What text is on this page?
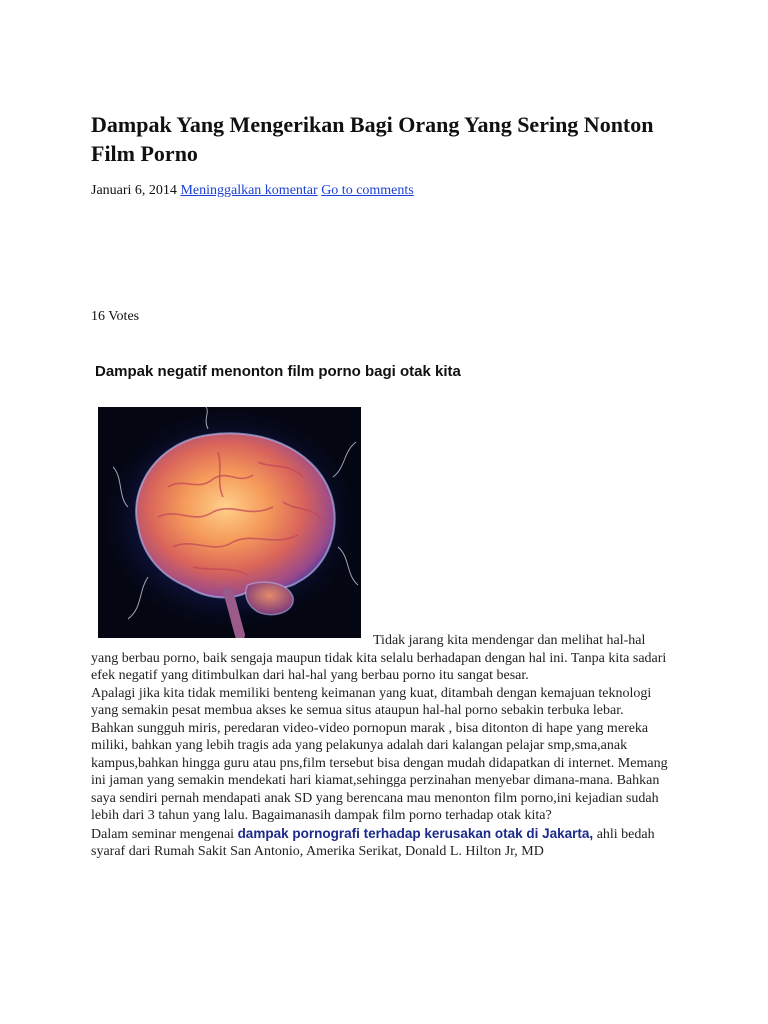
Dampak Yang Mengerikan Bagi Orang Yang Sering Nonton Film Porno
Januari 6, 2014 Meninggalkan komentar Go to comments
16 Votes
Dampak negatif menonton film porno bagi otak kita

Tidak jarang kita mendengar dan melihat hal-hal
yang berbau porno, baik sengaja maupun tidak kita selalu berhadapan dengan hal ini. Tanpa kita sadari efek negatif yang ditimbulkan dari hal-hal yang berbau porno itu sangat besar.

Apalagi jika kita tidak memiliki benteng keimanan yang kuat, ditambah dengan kemajuan teknologi yang semakin pesat membua akses ke semua situs ataupun hal-hal porno sebakin terbuka lebar.

Bahkan sungguh miris, peredaran video-video pornopun marak , bisa ditonton di hape yang mereka miliki, bahkan yang lebih tragis ada yang pelakunya adalah dari kalangan pelajar smp,sma,anak kampus,bahkan hingga guru atau pns,film tersebut bisa dengan mudah didapatkan di internet. Memang ini jaman yang semakin mendekati hari kiamat,sehingga perzinahan menyebar dimana-mana. Bahkan saya sendiri pernah mendapati anak SD yang berencana mau menonton film porno,ini kejadian sudah lebih dari 3 tahun yang lalu. Bagaimanasih dampak film porno terhadap otak kita?

Dalam seminar mengenai dampak pornografi terhadap kerusakan otak di Jakarta, ahli bedah syaraf dari Rumah Sakit San Antonio, Amerika Serikat, Donald L. Hilton Jr, MD
